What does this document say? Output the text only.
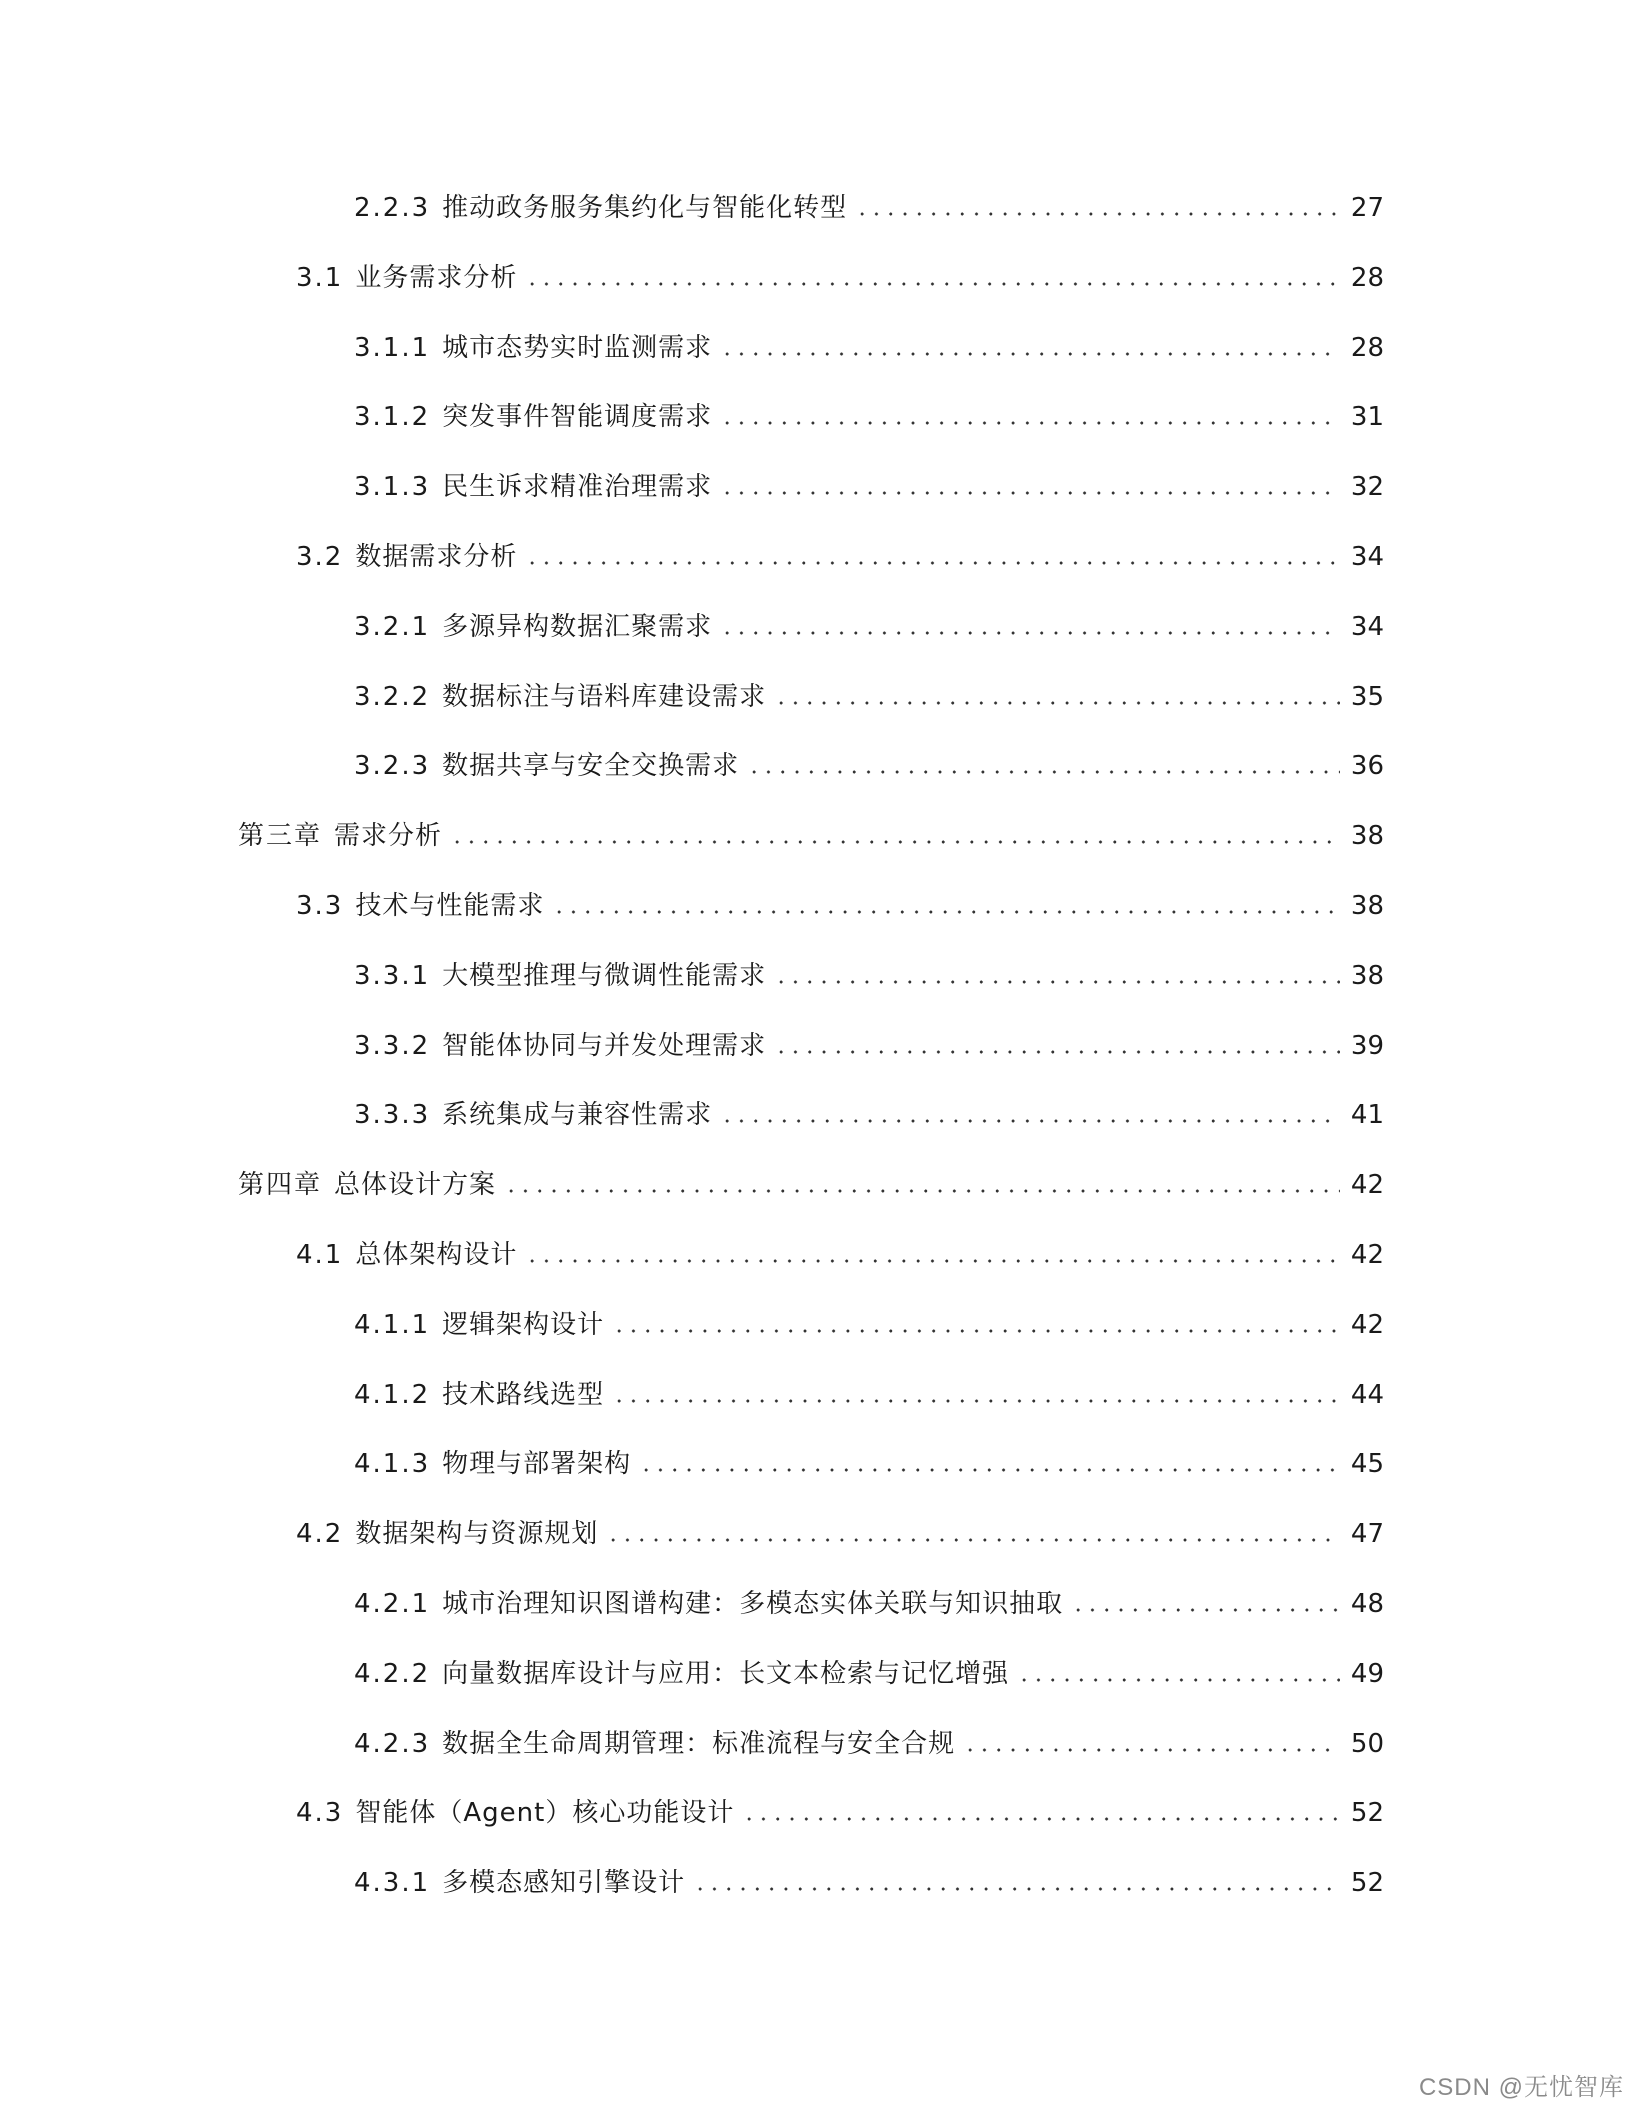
2.2.3 推动政务服务集约化与智能化转型	27
3.1 业务需求分析	28
3.1.1 城市态势实时监测需求	28
3.1.2 突发事件智能调度需求	31
3.1.3 民生诉求精准治理需求	32
3.2 数据需求分析	34
3.2.1 多源异构数据汇聚需求	34
3.2.2 数据标注与语料库建设需求	35
3.2.3 数据共享与安全交换需求	36
第三章 需求分析	38
3.3 技术与性能需求	38
3.3.1 大模型推理与微调性能需求	38
3.3.2 智能体协同与并发处理需求	39
3.3.3 系统集成与兼容性需求	41
第四章 总体设计方案	42
4.1 总体架构设计	42
4.1.1 逻辑架构设计	42
4.1.2 技术路线选型	44
4.1.3 物理与部署架构	45
4.2 数据架构与资源规划	47
4.2.1 城市治理知识图谱构建：多模态实体关联与知识抽取	48
4.2.2 向量数据库设计与应用：长文本检索与记忆增强	49
4.2.3 数据全生命周期管理：标准流程与安全合规	50
4.3 智能体（Agent）核心功能设计	52
4.3.1 多模态感知引擎设计	52
CSDN @无忧智库
